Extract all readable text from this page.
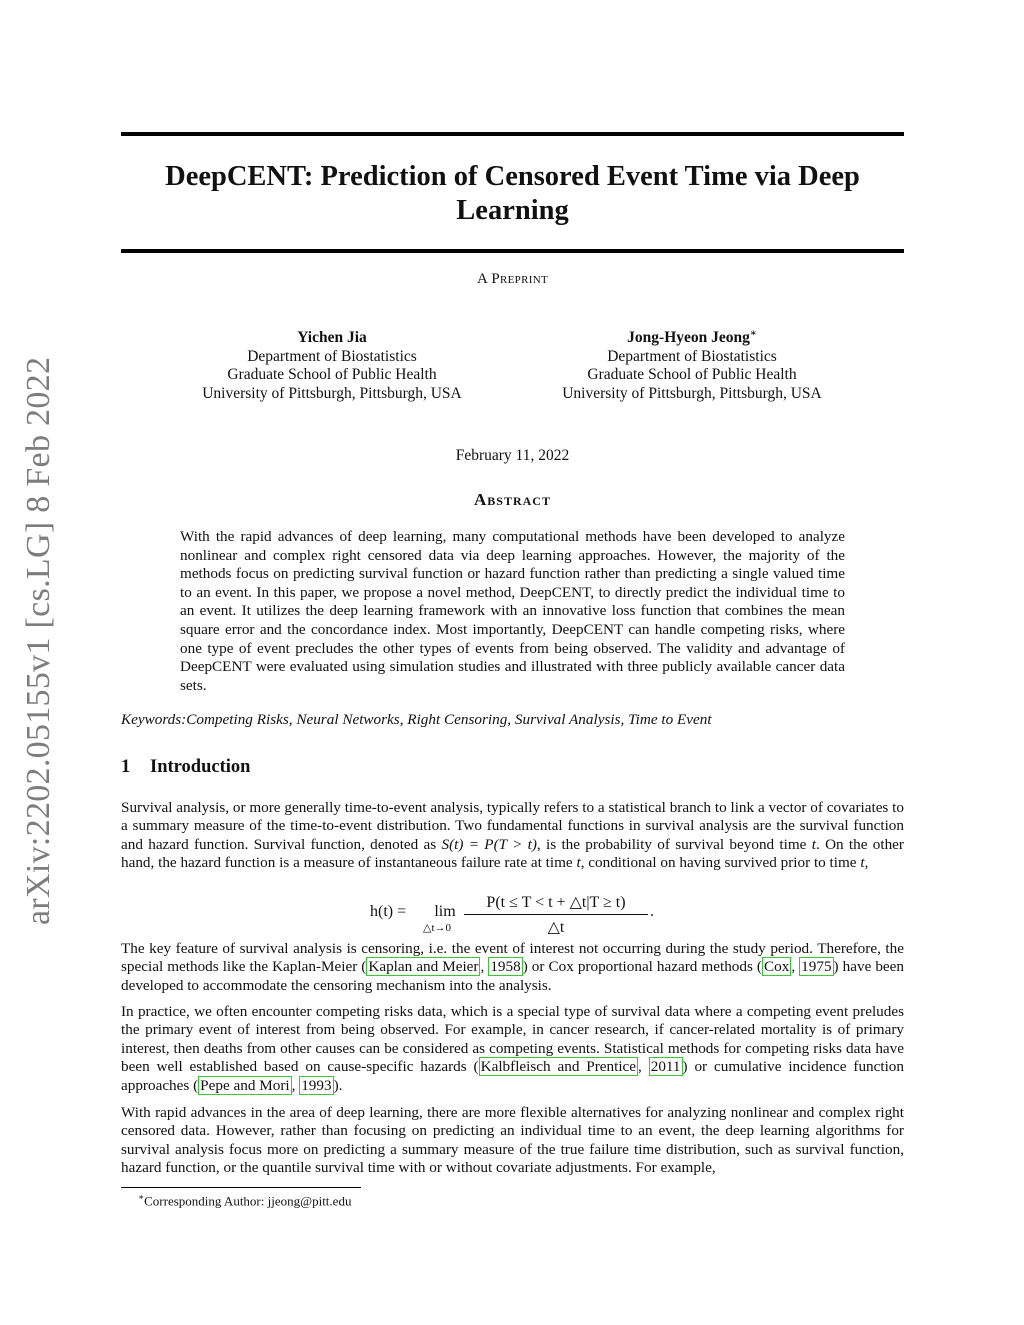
arXiv:2202.05155v1 [cs.LG] 8 Feb 2022
DeepCENT: Prediction of Censored Event Time via Deep Learning
A Preprint
Yichen Jia
Department of Biostatistics
Graduate School of Public Health
University of Pittsburgh, Pittsburgh, USA
Jong-Hyeon Jeong∗
Department of Biostatistics
Graduate School of Public Health
University of Pittsburgh, Pittsburgh, USA
February 11, 2022
Abstract

With the rapid advances of deep learning, many computational methods have been developed to analyze nonlinear and complex right censored data via deep learning approaches. However, the majority of the methods focus on predicting survival function or hazard function rather than predicting a single valued time to an event. In this paper, we propose a novel method, DeepCENT, to directly predict the individual time to an event. It utilizes the deep learning framework with an innovative loss function that combines the mean square error and the concordance index. Most importantly, DeepCENT can handle competing risks, where one type of event precludes the other types of events from being observed. The validity and advantage of DeepCENT were evaluated using simulation studies and illustrated with three publicly available cancer data sets.

Keywords:Competing Risks, Neural Networks, Right Censoring, Survival Analysis, Time to Event
1 Introduction

Survival analysis, or more generally time-to-event analysis, typically refers to a statistical branch to link a vector of covariates to a summary measure of the time-to-event distribution. Two fundamental functions in survival analysis are the survival function and hazard function. Survival function, denoted as S(t) = P(T > t), is the probability of survival beyond time t. On the other hand, the hazard function is a measure of instantaneous failure rate at time t, conditional on having survived prior to time t,

h(t) =	lim
△t→0
P(t ≤ T < t + △t|T ≥ t)
△t
.

The key feature of survival analysis is censoring, i.e. the event of interest not occurring during the study period. Therefore, the special methods like the Kaplan-Meier ( Kaplan and Meier , 1958 ) or Cox proportional hazard methods ( Cox , 1975 ) have been developed to accommodate the censoring mechanism into the analysis.

In practice, we often encounter competing risks data, which is a special type of survival data where a competing event preludes the primary event of interest from being observed. For example, in cancer research, if cancer-related mortality is of primary interest, then deaths from other causes can be considered as competing events. Statistical methods for competing risks data have been well established based on cause-specific hazards ( Kalbfleisch and Prentice , 2011 ) or cumulative incidence function approaches ( Pepe and Mori , 1993 ).

With rapid advances in the area of deep learning, there are more flexible alternatives for analyzing nonlinear and complex right censored data. However, rather than focusing on predicting an individual time to an event, the deep learning algorithms for survival analysis focus more on predicting a summary measure of the true failure time distribution, such as survival function, hazard function, or the quantile survival time with or without covariate adjustments. For example,

∗Corresponding Author: jjeong@pitt.edu
